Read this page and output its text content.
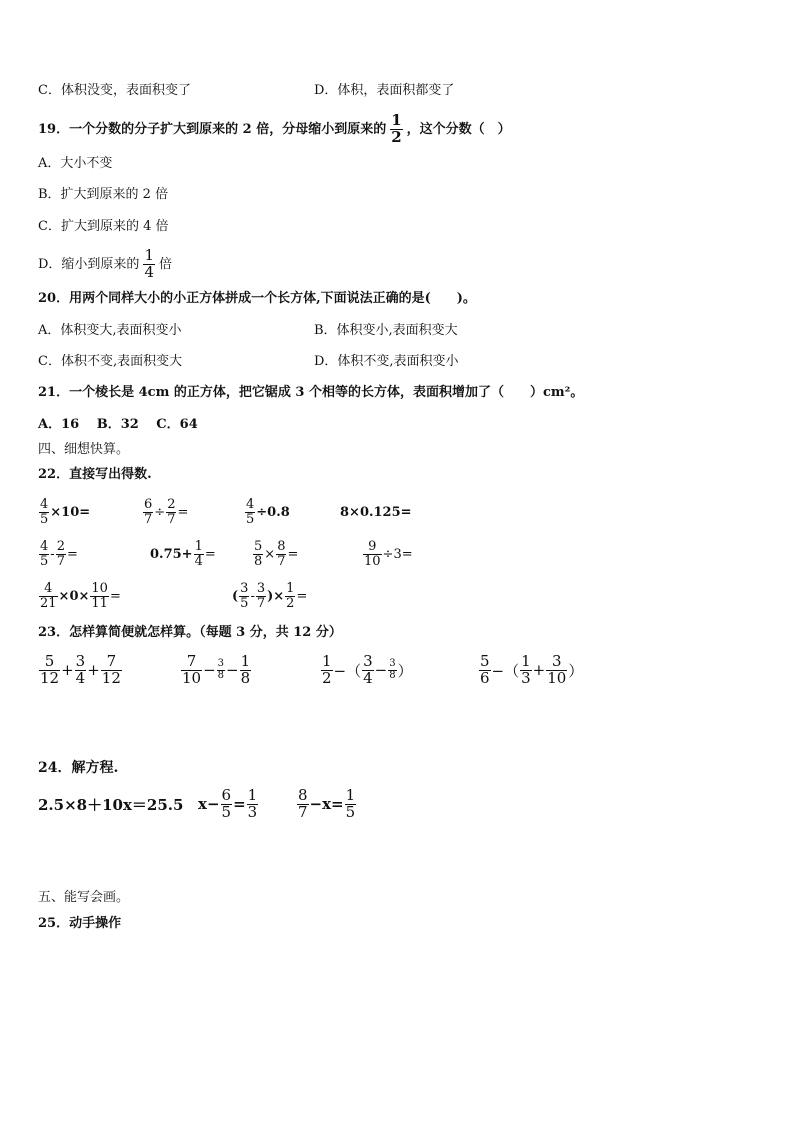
C．体积没变，表面积变了	D．体积，表面积都变了
19．一个分数的分子扩大到原来的 2 倍，分母缩小到原来的 $\frac{1}{2}$ ，这个分数（　）
A．大小不变
B．扩大到原来的 2 倍
C．扩大到原来的 4 倍
D．缩小到原来的 $\frac{1}{4}$ 倍
20．用两个同样大小的小正方体拼成一个长方体,下面说法正确的是(　　)。
A．体积变大,表面积变小	B．体积变小,表面积变大
C．体积不变,表面积变大	D．体积不变,表面积变小
21．一个棱长是 4cm 的正方体，把它锯成 3 个相等的长方体，表面积增加了（　　）cm²。
A．16　 B．32　 C．64
四、细想快算。
22．直接写出得数.
$\frac{4}{5} \times 10=$	$\frac{6}{7} \div \frac{2}{7}$ =	$\frac{4}{5} \div 0.8$	8×0.125=
$\frac{4}{5} - \frac{2}{7}$ =	$0.75+ \frac{1}{4}$ =	$\frac{5}{8} \times \frac{8}{7}$ =	$\frac{9}{10} \div 3=$
$\frac{4}{21} \times 0\times \frac{10}{11}$ =	( $\frac{3}{5} - \frac{3}{7}$ )× $\frac{1}{2}$ =
23．怎样算简便就怎样算。（每题 3 分，共 12 分）
$\frac{5}{12} + \frac{3}{4} + \frac{7}{12}$	$\frac{7}{10} - \frac{3}{8} - \frac{1}{8}$	$\frac{1}{2}$ −（ $\frac{3}{4} - \frac{3}{8}$ ）	$\frac{5}{6}$ −（ $\frac{1}{3} + \frac{3}{10}$ ）
24．解方程.
2.5×8＋10x＝25.5 $x- \frac{6}{5} = \frac{1}{3}$	$\frac{8}{7} -x= \frac{1}{5}$
五、能写会画。
25．动手操作
